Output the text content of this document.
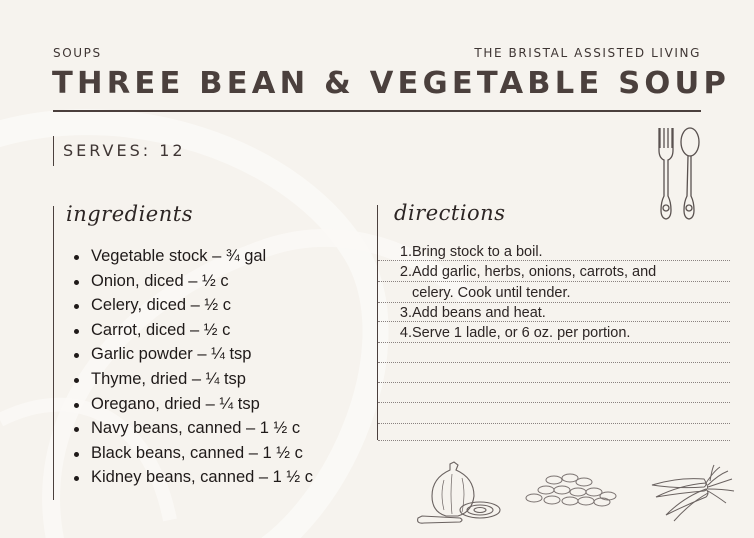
SOUPS	THE BRISTAL ASSISTED LIVING
THREE BEAN & VEGETABLE SOUP
SERVES: 12
ingredients
Vegetable stock – ¾ gal
Onion, diced – ½ c
Celery, diced – ½ c
Carrot, diced – ½ c
Garlic powder – ¼ tsp
Thyme, dried – ¼ tsp
Oregano, dried – ¼ tsp
Navy beans, canned – 1 ½ c
Black beans, canned – 1 ½ c
Kidney beans, canned – 1 ½ c
directions
1.Bring stock to a boil.
2.Add garlic, herbs, onions, carrots, and
celery. Cook until tender.
3.Add beans and heat.
4.Serve 1 ladle, or 6 oz. per portion.
